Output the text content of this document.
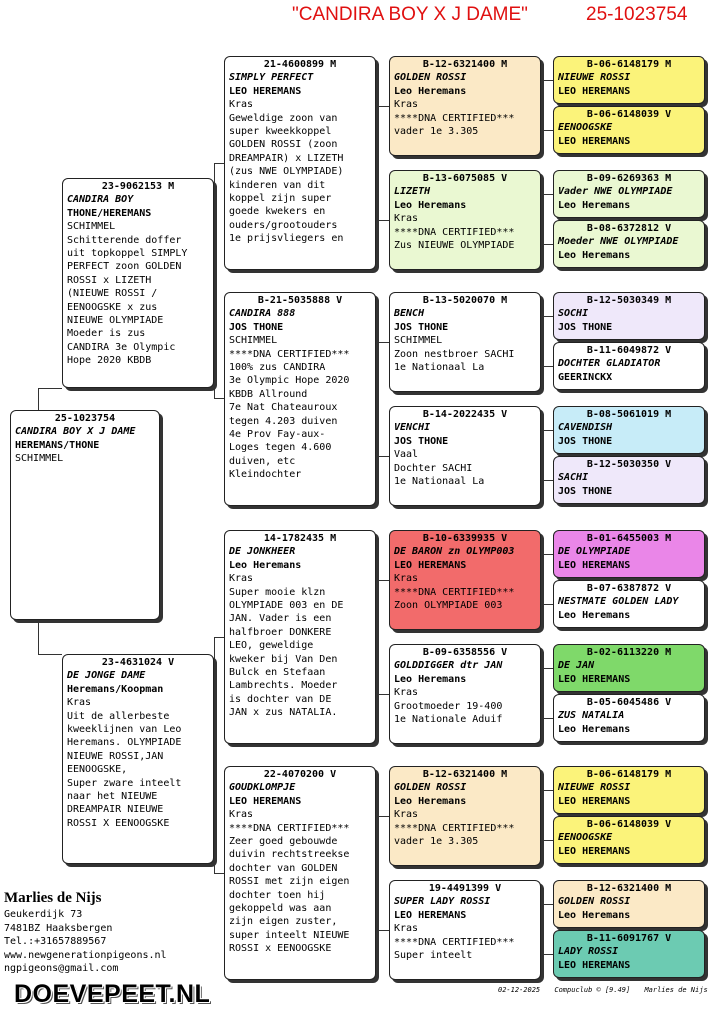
"CANDIRA BOY X J DAME"	25-1023754
25-1023754
CANDIRA BOY X J DAME
HEREMANS/THONE
SCHIMMEL
23-9062153 M
CANDIRA BOY
THONE/HEREMANS
SCHIMMEL
Schitterende doffer
uit topkoppel SIMPLY
PERFECT zoon GOLDEN
ROSSI x LIZETH
(NIEUWE ROSSI /
EENOOGSKE x zus
NIEUWE OLYMPIADE
Moeder is zus
CANDIRA 3e Olympic
Hope 2020 KBDB
23-4631024 V
DE JONGE DAME
Heremans/Koopman
Kras
Uit de allerbeste
kweeklijnen van Leo
Heremans. OLYMPIADE
NIEUWE ROSSI,JAN
EENOOGSKE,
Super zware inteelt
naar het NIEUWE
DREAMPAIR NIEUWE
ROSSI X EENOOGSKE
21-4600899 M
SIMPLY PERFECT
LEO HEREMANS
Kras
Geweldige zoon van
super kweekkoppel
GOLDEN ROSSI (zoon
DREAMPAIR) x LIZETH
(zus NWE OLYMPIADE)
kinderen van dit
koppel zijn super
goede kwekers en
ouders/grootouders
1e prijsvliegers en
B-21-5035888 V
CANDIRA 888
JOS THONE
SCHIMMEL
****DNA CERTIFIED***
100% zus CANDIRA
3e Olympic Hope 2020
KBDB Allround
7e Nat Chateauroux
tegen 4.203 duiven
4e Prov Fay-aux-
Loges tegen 4.600
duiven, etc
Kleindochter
14-1782435 M
DE JONKHEER
Leo Heremans
Kras
Super mooie klzn
OLYMPIADE 003 en DE
JAN. Vader is een
halfbroer DONKERE
LEO, geweldige
kweker bij Van Den
Bulck en Stefaan
Lambrechts. Moeder
is dochter van DE
JAN x zus NATALIA.
22-4070200 V
GOUDKLOMPJE
LEO HEREMANS
Kras
****DNA CERTIFIED***
Zeer goed gebouwde
duivin rechtstreekse
dochter van GOLDEN
ROSSI met zijn eigen
dochter toen hij
gekoppeld was aan
zijn eigen zuster,
super inteelt NIEUWE
ROSSI x EENOOGSKE
B-12-6321400 M
GOLDEN ROSSI
Leo Heremans
Kras
****DNA CERTIFIED***
vader 1e 3.305
B-13-6075085 V
LIZETH
Leo Heremans
Kras
****DNA CERTIFIED***
Zus NIEUWE OLYMPIADE
B-13-5020070 M
BENCH
JOS THONE
SCHIMMEL
Zoon nestbroer SACHI
1e Nationaal La
B-14-2022435 V
VENCHI
JOS THONE
Vaal
Dochter SACHI
1e Nationaal La
B-10-6339935 V
DE BARON zn OLYMP003
LEO HEREMANS
Kras
****DNA CERTIFIED***
Zoon OLYMPIADE 003
B-09-6358556 V
GOLDDIGGER dtr JAN
Leo Heremans
Kras
Grootmoeder 19-400
1e Nationale Aduif
B-12-6321400 M
GOLDEN ROSSI
Leo Heremans
Kras
****DNA CERTIFIED***
vader 1e 3.305
19-4491399 V
SUPER LADY ROSSI
LEO HEREMANS
Kras
****DNA CERTIFIED***
Super inteelt
B-06-6148179 M
NIEUWE ROSSI
LEO HEREMANS
B-06-6148039 V
EENOOGSKE
LEO HEREMANS
B-09-6269363 M
Vader NWE OLYMPIADE
Leo Heremans
B-08-6372812 V
Moeder NWE OLYMPIADE
Leo Heremans
B-12-5030349 M
SOCHI
JOS THONE
B-11-6049872 V
DOCHTER GLADIATOR
GEERINCKX
B-08-5061019 M
CAVENDISH
JOS THONE
B-12-5030350 V
SACHI
JOS THONE
B-01-6455003 M
DE OLYMPIADE
LEO HEREMANS
B-07-6387872 V
NESTMATE GOLDEN LADY
Leo Heremans
B-02-6113220 M
DE JAN
LEO HEREMANS
B-05-6045486 V
ZUS NATALIA
Leo Heremans
B-06-6148179 M
NIEUWE ROSSI
LEO HEREMANS
B-06-6148039 V
EENOOGSKE
LEO HEREMANS
B-12-6321400 M
GOLDEN ROSSI
Leo Heremans
B-11-6091767 V
LADY ROSSI
LEO HEREMANS
Marlies de Nijs
Geukerdijk 73
7481BZ Haaksbergen
Tel.:+31657889567
www.newgenerationpigeons.nl
ngpigeons@gmail.com
DOEVEPEET.NL	02-12-2025 Compuclub © [9.49] Marlies de Nijs
